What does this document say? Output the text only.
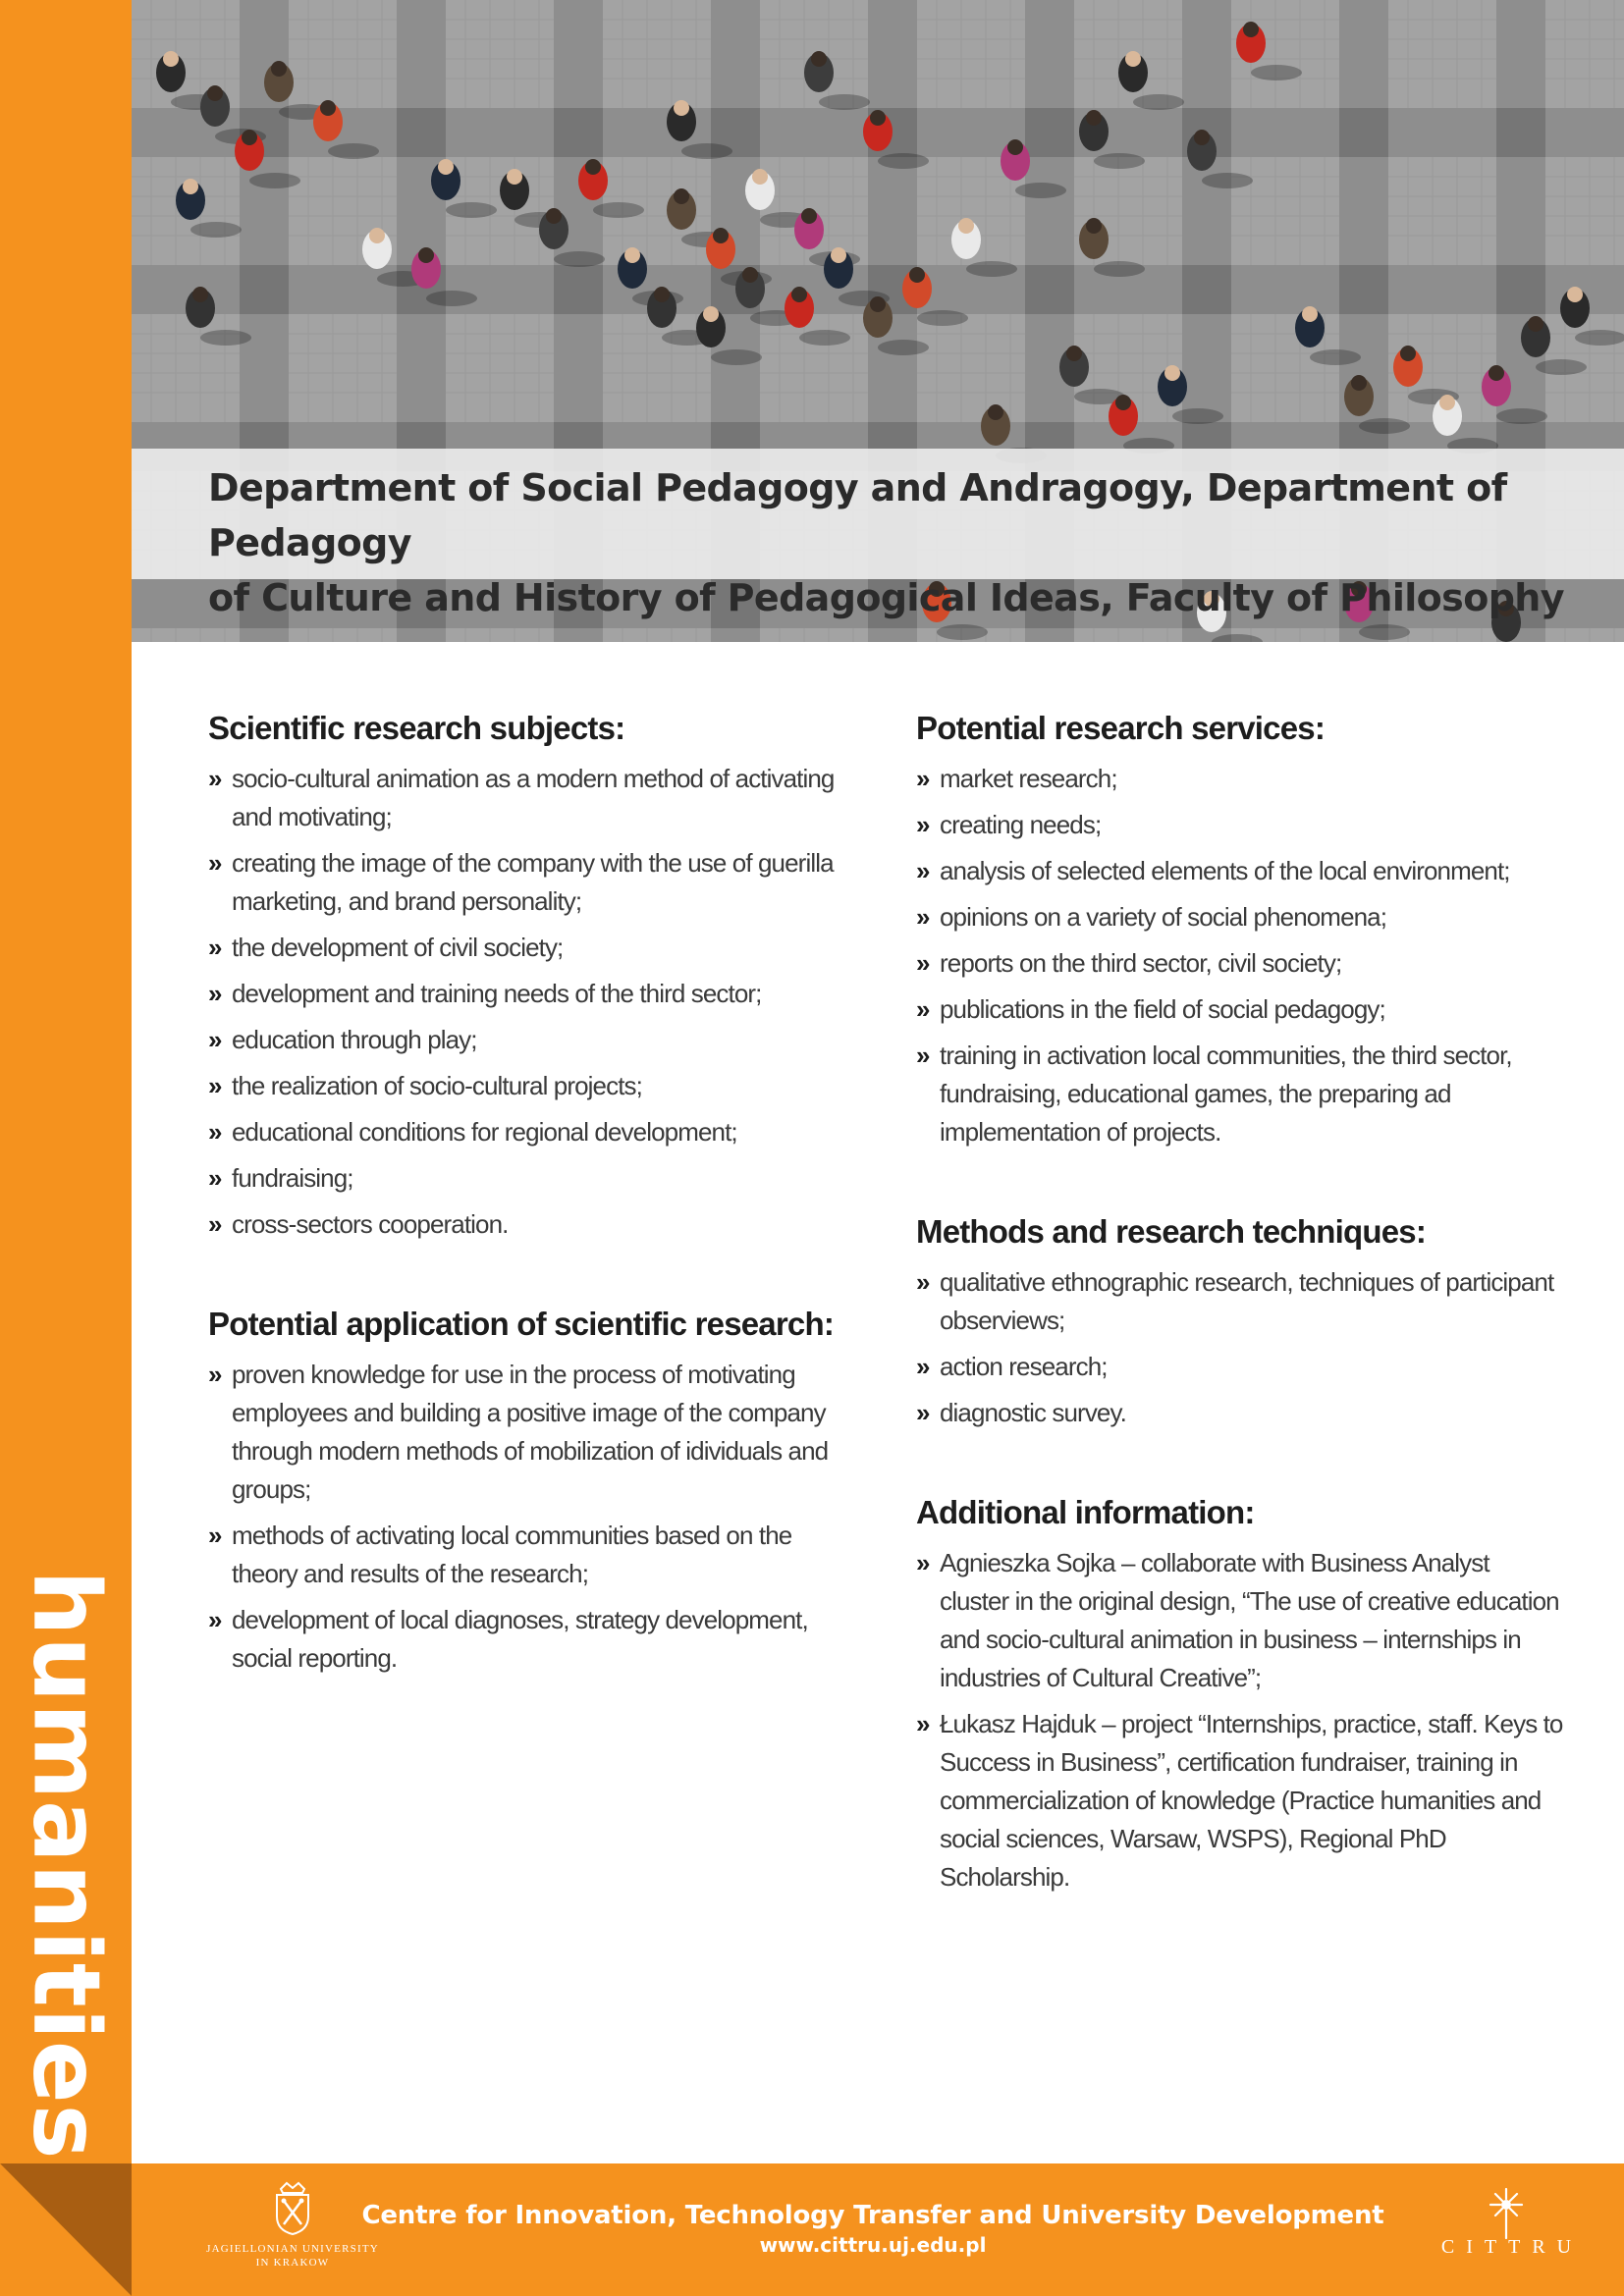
humanities
Department of Social Pedagogy and Andragogy, Department of Pedagogy
of Culture and History of Pedagogical Ideas, Faculty of Philosophy
Scientific research subjects:
» socio-cultural animation as a modern method of activating and motivating;
» creating the image of the company with the use of guerilla marketing, and brand personality;
» the development of civil society;
» development and training needs of the third sector;
» education through play;
» the realization of socio-cultural projects;
» educational conditions for regional development;
» fundraising;
» cross-sectors cooperation.
Potential application of scientific research:
» proven knowledge for use in the process of motivating employees and building a positive image of the company through modern methods of mobilization of idividuals and groups;
» methods of activating local communities based on the theory and results of the research;
» development of local diagnoses, strategy development, social reporting.
Potential research services:
» market research;
» creating needs;
» analysis of selected elements of the local environment;
» opinions on a variety of social phenomena;
» reports on the third sector, civil society;
» publications in the field of social pedagogy;
» training in activation local communities, the third sector, fundraising, educational games, the preparing ad implementation of projects.
Methods and research techniques:
» qualitative ethnographic research, techniques of participant observiews;
» action research;
» diagnostic survey.
Additional information:
» Agnieszka Sojka – collaborate with Business Analyst cluster in the original design, “The use of creative education and socio-cultural animation in business – internships in industries of Cultural Creative”;
» Łukasz Hajduk – project “Internships, practice, staff. Keys to Success in Business”, certification fundraiser, training in commercialization of knowledge (Practice humanities and social sciences, Warsaw, WSPS), Regional PhD Scholarship.
JAGIELLONIAN UNIVERSITY
IN KRAKOW
Centre for Innovation, Technology Transfer and University Development
www.cittru.uj.edu.pl	CITTRU
